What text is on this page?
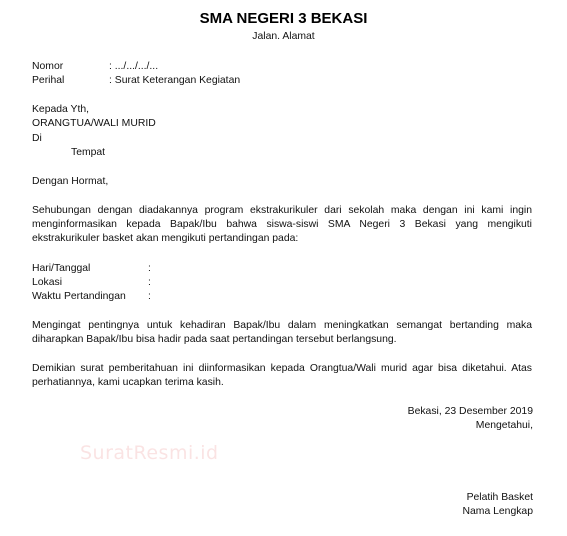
SMA NEGERI 3 BEKASI
Jalan. Alamat
Nomor	: .../.../.../...
Perihal	: Surat Keterangan Kegiatan
Kepada Yth,
ORANGTUA/WALI MURID
Di
Tempat
Dengan Hormat,
Sehubungan dengan diadakannya program ekstrakurikuler dari sekolah maka dengan ini kami ingin menginformasikan kepada Bapak/Ibu bahwa siswa-siswi SMA Negeri 3 Bekasi yang mengikuti ekstrakurikuler basket akan mengikuti pertandingan pada:
Hari/Tanggal	:
Lokasi	:
Waktu Pertandingan :
Mengingat pentingnya untuk kehadiran Bapak/Ibu dalam meningkatkan semangat bertanding maka diharapkan Bapak/Ibu bisa hadir pada saat pertandingan tersebut berlangsung.
Demikian surat pemberitahuan ini diinformasikan kepada Orangtua/Wali murid agar bisa diketahui. Atas perhatiannya, kami ucapkan terima kasih.
Bekasi, 23 Desember 2019
Mengetahui,
SuratResmi.id
Pelatih Basket
Nama Lengkap
